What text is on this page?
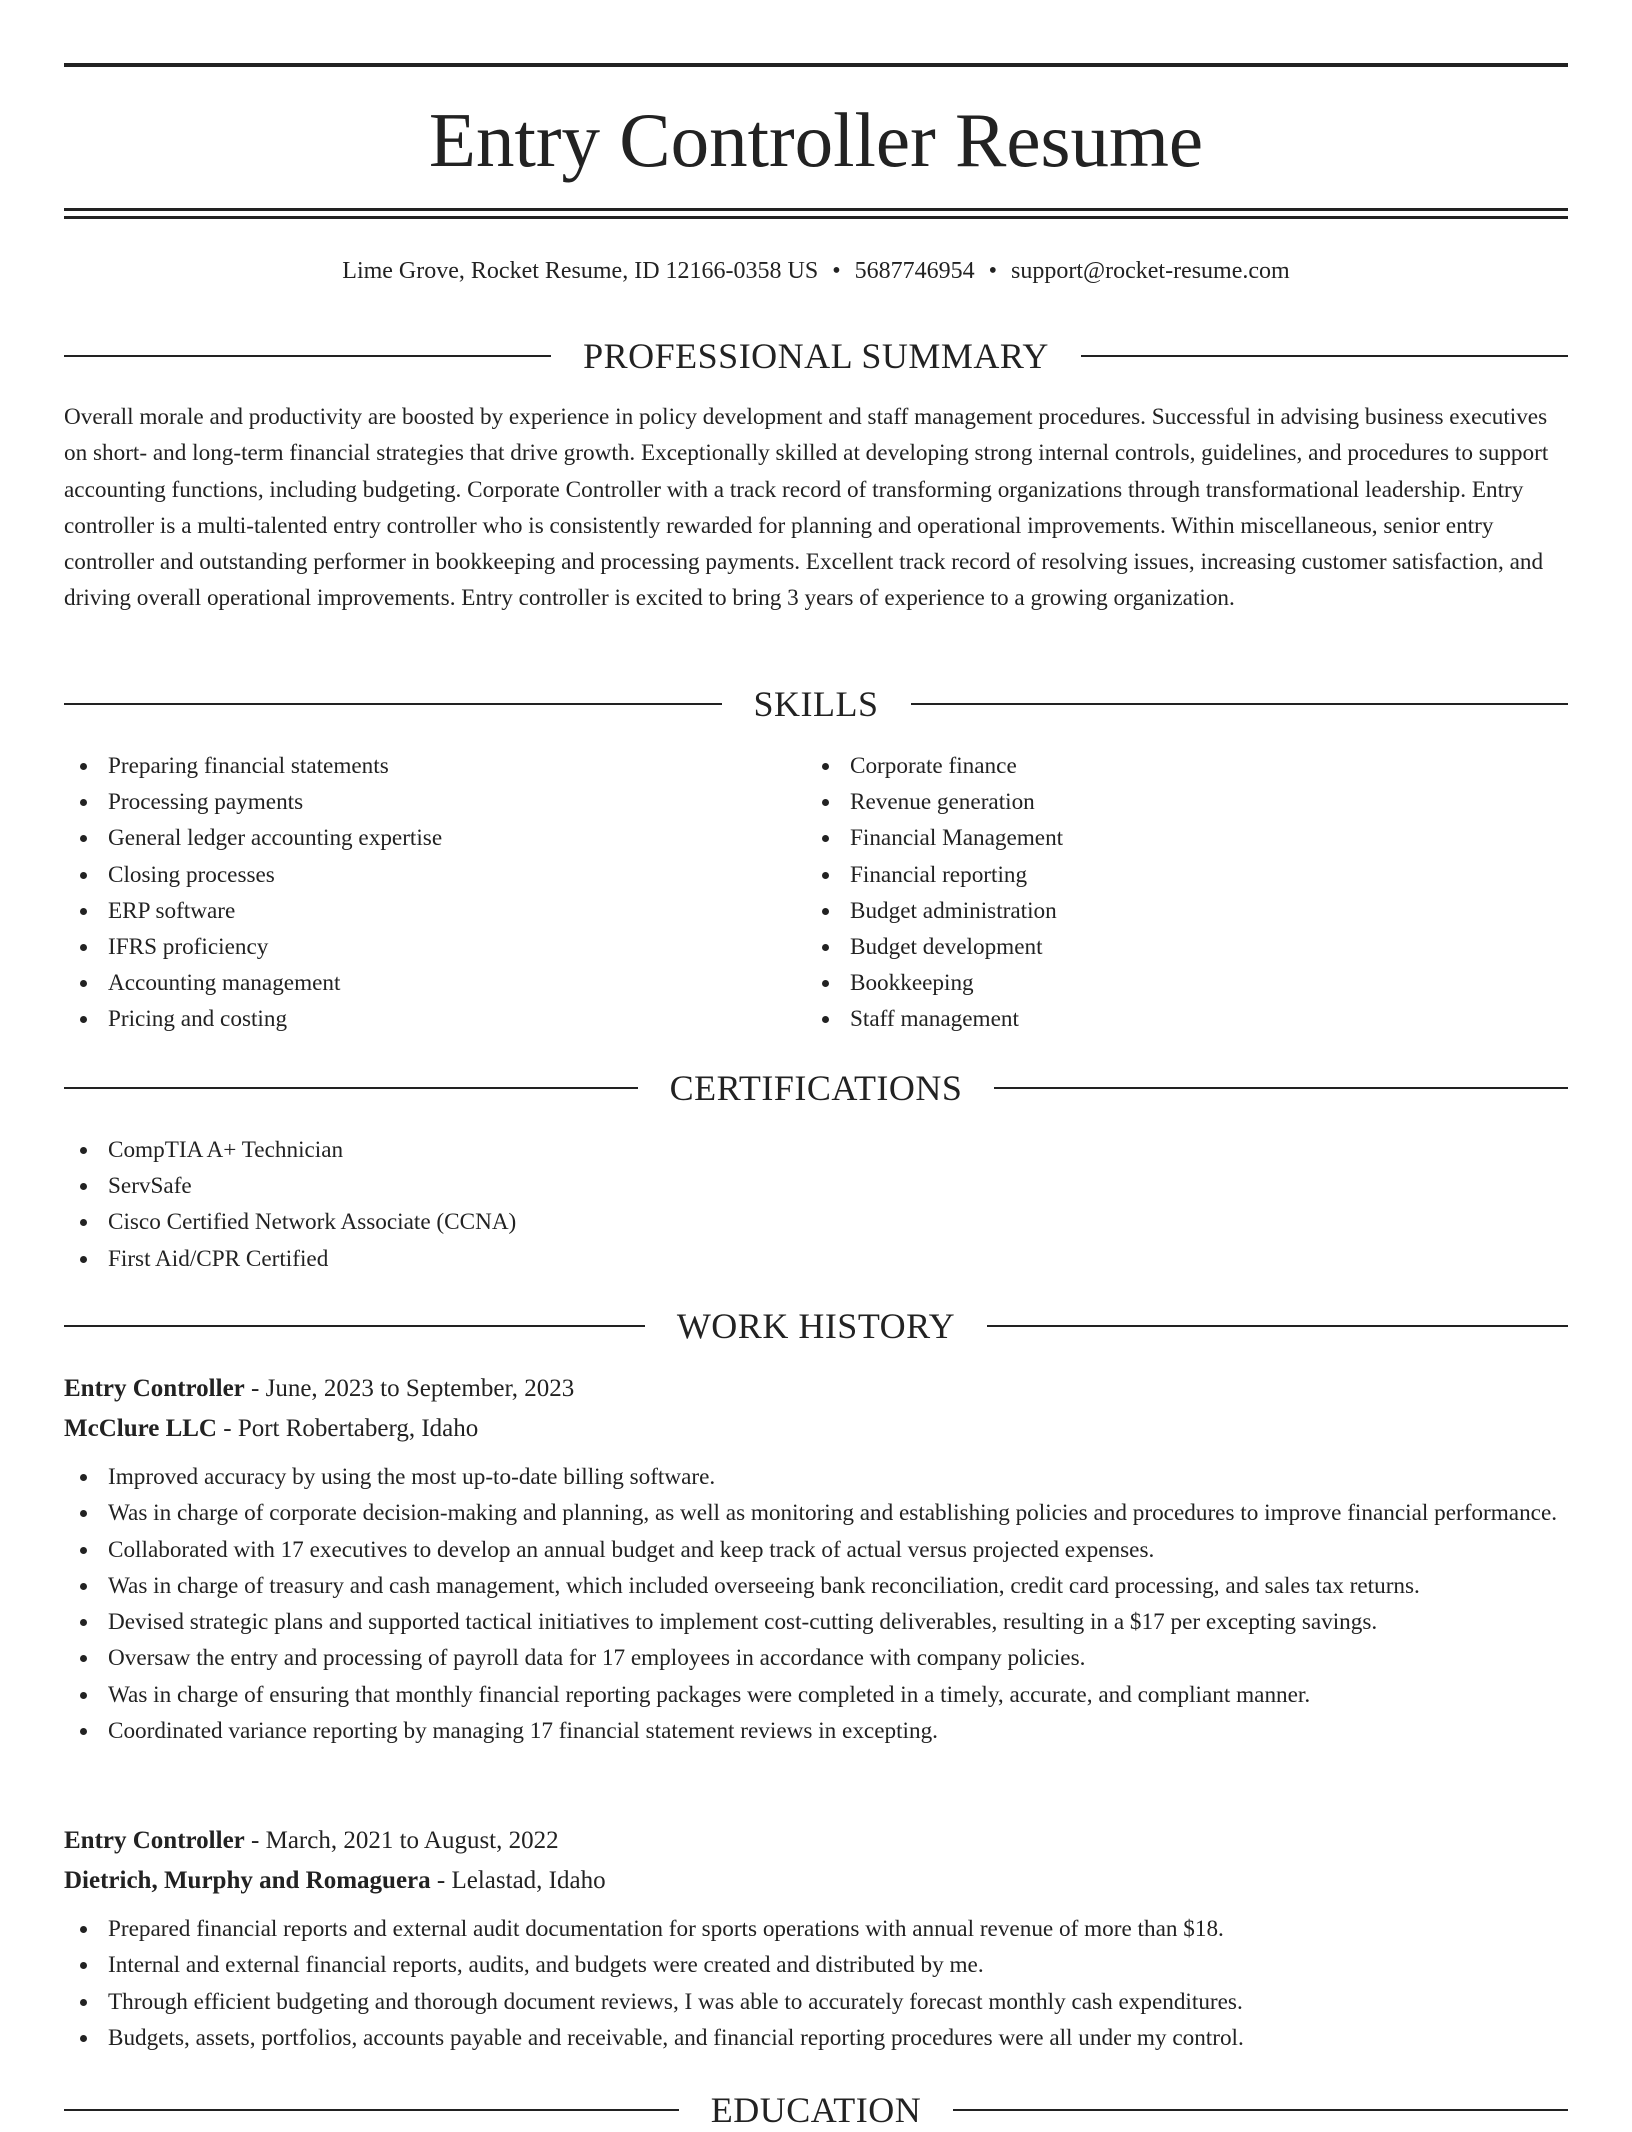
Entry Controller Resume
Lime Grove, Rocket Resume, ID 12166-0358 US • 5687746954 • support@rocket-resume.com
PROFESSIONAL SUMMARY

Overall morale and productivity are boosted by experience in policy development and staff management procedures. Successful in advising business executives on short- and long-term financial strategies that drive growth. Exceptionally skilled at developing strong internal controls, guidelines, and procedures to support accounting functions, including budgeting. Corporate Controller with a track record of transforming organizations through transformational leadership. Entry controller is a multi-talented entry controller who is consistently rewarded for planning and operational improvements. Within miscellaneous, senior entry controller and outstanding performer in bookkeeping and processing payments. Excellent track record of resolving issues, increasing customer satisfaction, and driving overall operational improvements. Entry controller is excited to bring 3 years of experience to a growing organization.

SKILLS
Preparing financial statements
Processing payments
General ledger accounting expertise
Closing processes
ERP software
IFRS proficiency
Accounting management
Pricing and costing
Corporate finance
Revenue generation
Financial Management
Financial reporting
Budget administration
Budget development
Bookkeeping
Staff management
CERTIFICATIONS
CompTIA A+ Technician
ServSafe
Cisco Certified Network Associate (CCNA)
First Aid/CPR Certified
WORK HISTORY
Entry Controller - June, 2023 to September, 2023
McClure LLC - Port Robertaberg, Idaho
Improved accuracy by using the most up-to-date billing software.
Was in charge of corporate decision-making and planning, as well as monitoring and establishing policies and procedures to improve financial performance.
Collaborated with 17 executives to develop an annual budget and keep track of actual versus projected expenses.
Was in charge of treasury and cash management, which included overseeing bank reconciliation, credit card processing, and sales tax returns.
Devised strategic plans and supported tactical initiatives to implement cost-cutting deliverables, resulting in a $17 per excepting savings.
Oversaw the entry and processing of payroll data for 17 employees in accordance with company policies.
Was in charge of ensuring that monthly financial reporting packages were completed in a timely, accurate, and compliant manner.
Coordinated variance reporting by managing 17 financial statement reviews in excepting.
Entry Controller - March, 2021 to August, 2022
Dietrich, Murphy and Romaguera - Lelastad, Idaho
Prepared financial reports and external audit documentation for sports operations with annual revenue of more than $18.
Internal and external financial reports, audits, and budgets were created and distributed by me.
Through efficient budgeting and thorough document reviews, I was able to accurately forecast monthly cash expenditures.
Budgets, assets, portfolios, accounts payable and receivable, and financial reporting procedures were all under my control.
EDUCATION
